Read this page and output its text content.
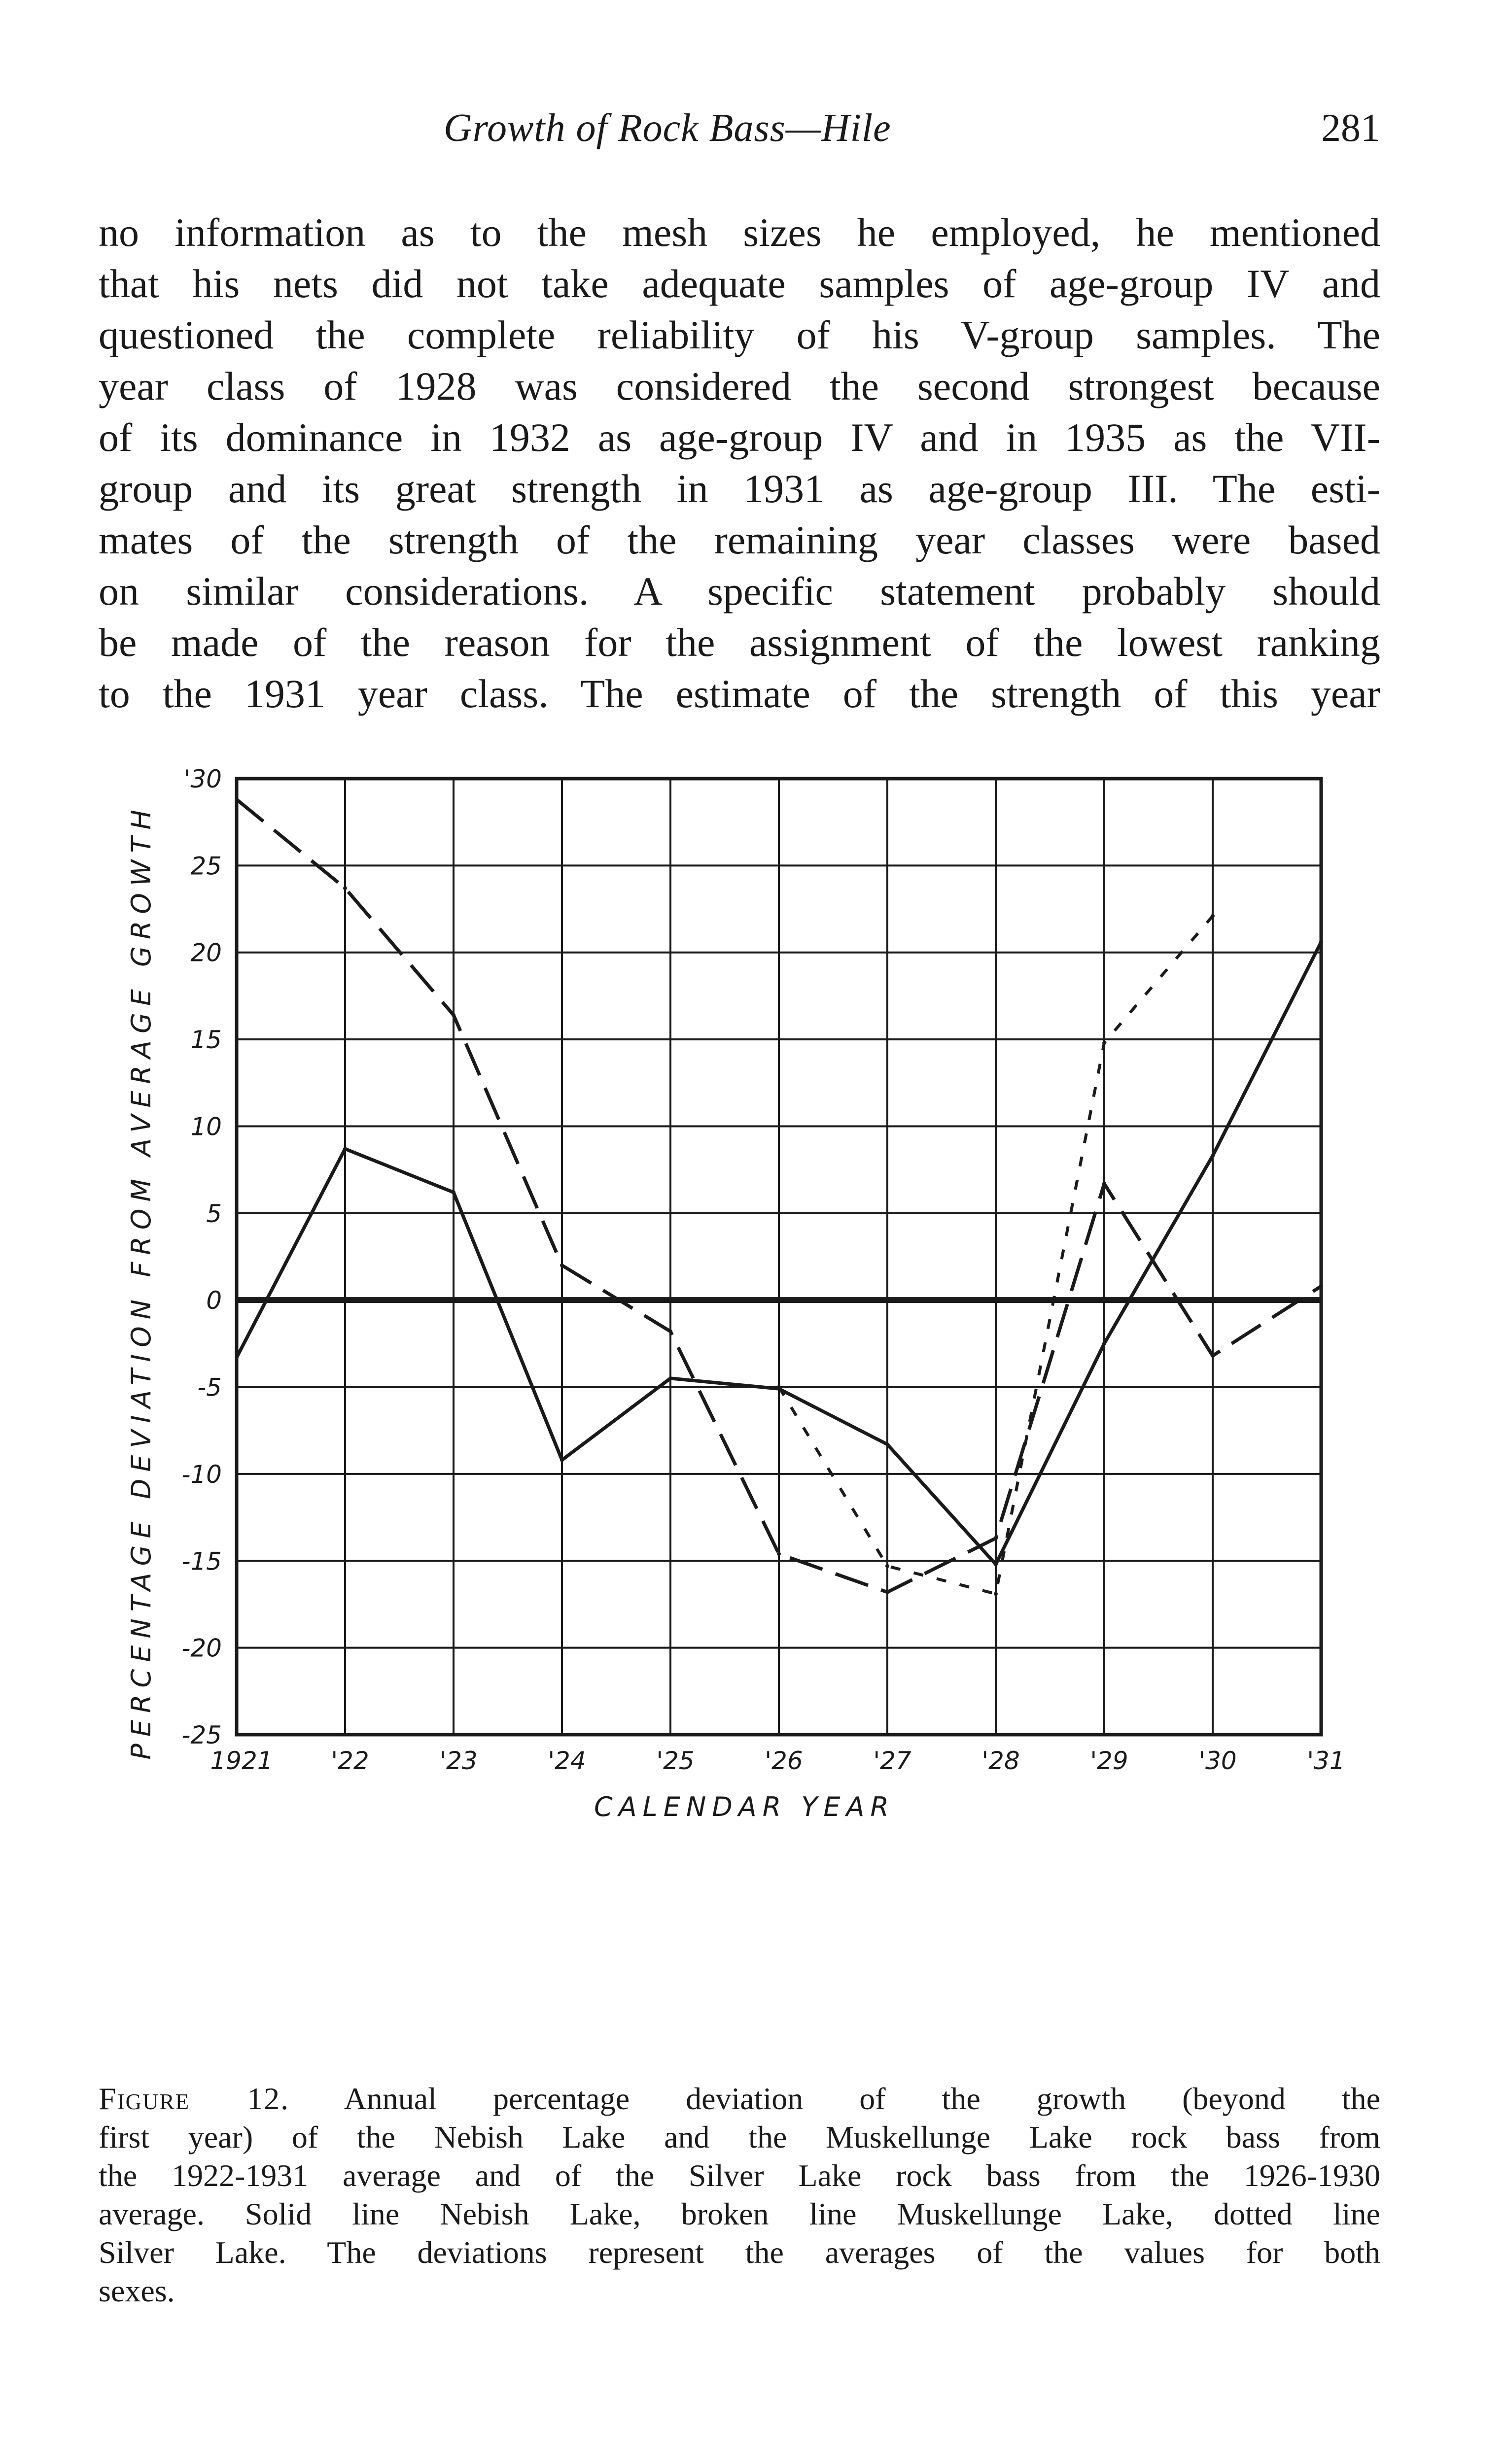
Growth of Rock Bass—Hile	281
no information as to the mesh sizes he employed, he mentioned
that his nets did not take adequate samples of age-group IV and
questioned the complete reliability of his V-group samples. The
year class of 1928 was considered the second strongest because
of its dominance in 1932 as age-group IV and in 1935 as the VII-
group and its great strength in 1931 as age-group III. The esti-
mates of the strength of the remaining year classes were based
on similar considerations. A specific statement probably should
be made of the reason for the assignment of the lowest ranking
to the 1931 year class. The estimate of the strength of this year
'30
25
20
15
10
5
0
-5
-10
-15
-20
-25
1921 '22	'23	'24	'25	'26	'27	'28	'29	'30	'31
CALENDAR YEAR
PERCENTAGE DEVIATION FROM AVERAGE GROWTH
Figure 12. Annual percentage deviation of the growth (beyond the
first year) of the Nebish Lake and the Muskellunge Lake rock bass from
the 1922-1931 average and of the Silver Lake rock bass from the 1926-1930
average. Solid line Nebish Lake, broken line Muskellunge Lake, dotted line
Silver Lake. The deviations represent the averages of the values for both
sexes.
